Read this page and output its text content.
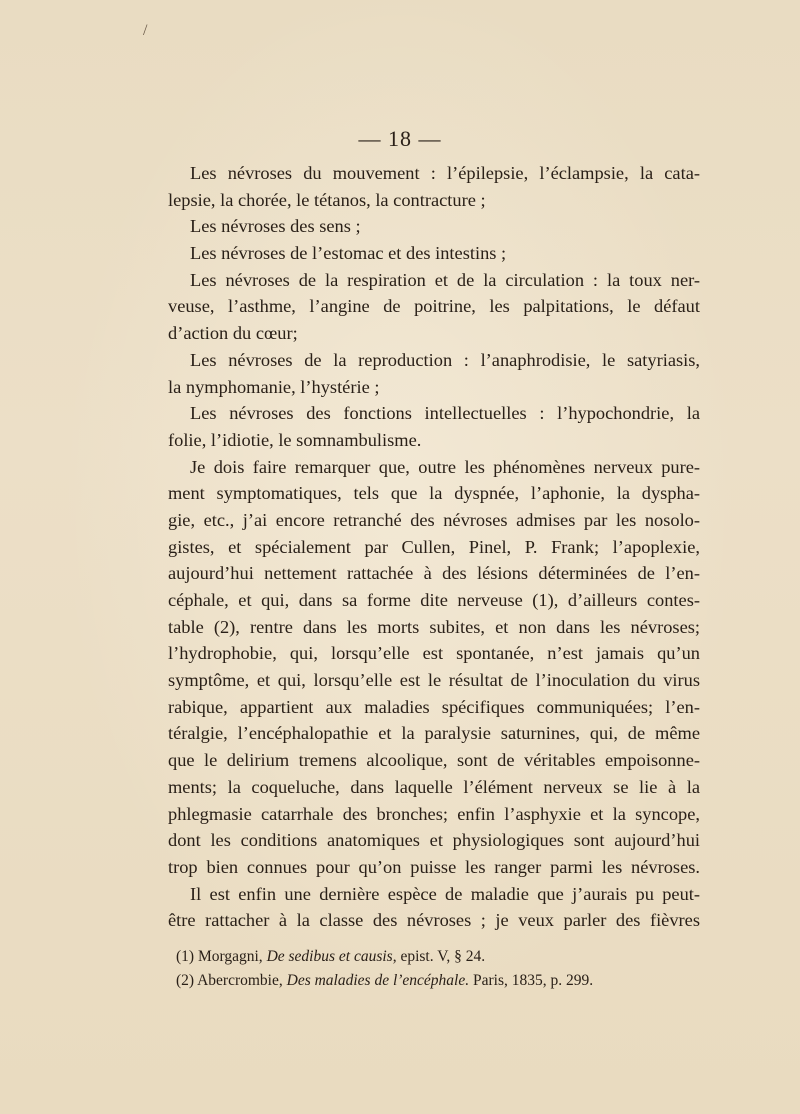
/
— 18 —
Les névroses du mouvement : l’épilepsie, l’éclampsie, la cata-
lepsie, la chorée, le tétanos, la contracture ;
Les névroses des sens ;
Les névroses de l’estomac et des intestins ;
Les névroses de la respiration et de la circulation : la toux ner-
veuse, l’asthme, l’angine de poitrine, les palpitations, le défaut
d’action du cœur;
Les névroses de la reproduction : l’anaphrodisie, le satyriasis,
la nymphomanie, l’hystérie ;
Les névroses des fonctions intellectuelles : l’hypochondrie, la
folie, l’idiotie, le somnambulisme.
Je dois faire remarquer que, outre les phénomènes nerveux pure-
ment symptomatiques, tels que la dyspnée, l’aphonie, la dyspha-
gie, etc., j’ai encore retranché des névroses admises par les nosolo-
gistes, et spécialement par Cullen, Pinel, P. Frank; l’apoplexie,
aujourd’hui nettement rattachée à des lésions déterminées de l’en-
céphale, et qui, dans sa forme dite nerveuse (1), d’ailleurs contes-
table (2), rentre dans les morts subites, et non dans les névroses;
l’hydrophobie, qui, lorsqu’elle est spontanée, n’est jamais qu’un
symptôme, et qui, lorsqu’elle est le résultat de l’inoculation du virus
rabique, appartient aux maladies spécifiques communiquées; l’en-
téralgie, l’encéphalopathie et la paralysie saturnines, qui, de même
que le delirium tremens alcoolique, sont de véritables empoisonne-
ments; la coqueluche, dans laquelle l’élément nerveux se lie à la
phlegmasie catarrhale des bronches; enfin l’asphyxie et la syncope,
dont les conditions anatomiques et physiologiques sont aujourd’hui
trop bien connues pour qu’on puisse les ranger parmi les névroses.
Il est enfin une dernière espèce de maladie que j’aurais pu peut-
être rattacher à la classe des névroses ; je veux parler des fièvres
(1) Morgagni, De sedibus et causis, epist. V, § 24.
(2) Abercrombie, Des maladies de l’encéphale. Paris, 1835, p. 299.
